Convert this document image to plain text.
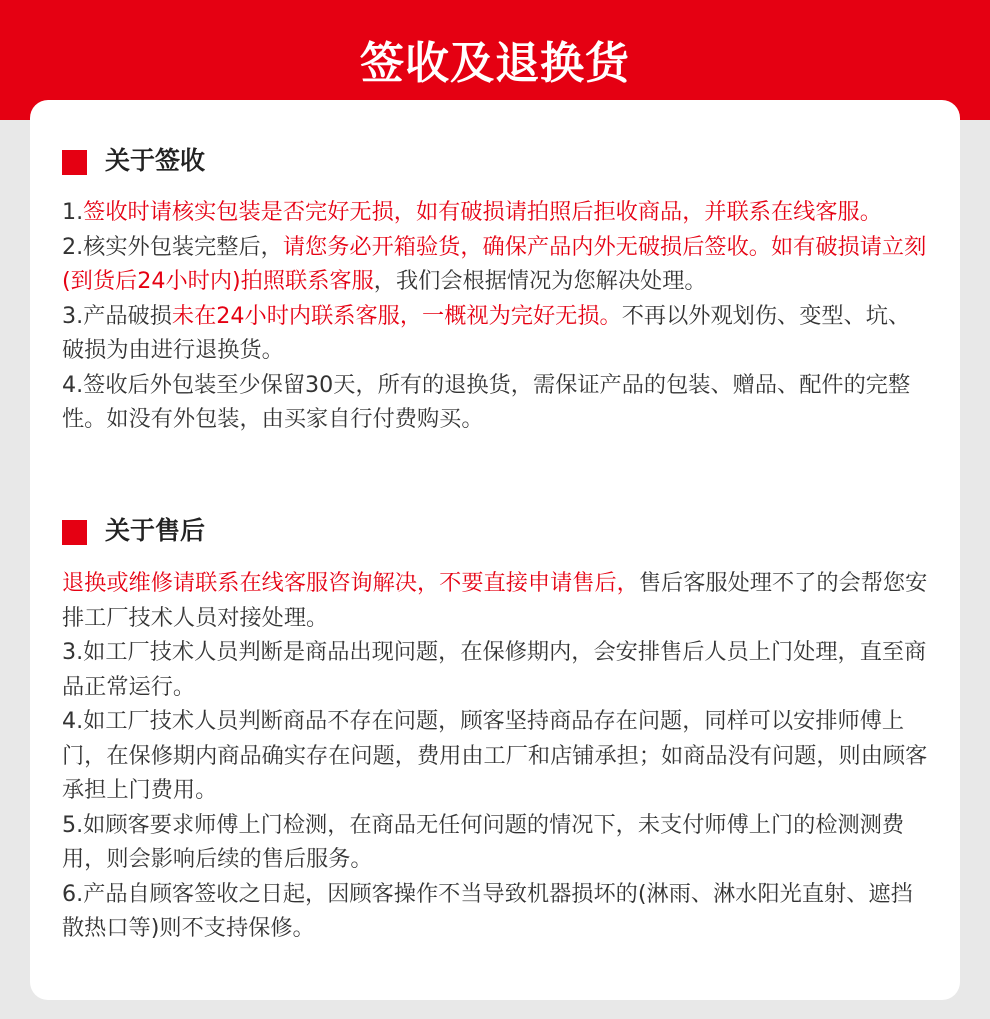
签收及退换货
关于签收

1.签收时请核实包装是否完好无损，如有破损请拍照后拒收商品，并联系在线客服。

2.核实外包装完整后，请您务必开箱验货，确保产品内外无破损后签收。如有破损请立刻(到货后24小时内)拍照联系客服，我们会根据情况为您解决处理。

3.产品破损未在24小时内联系客服，一概视为完好无损。不再以外观划伤、变型、坑、破损为由进行退换货。

4.签收后外包装至少保留30天，所有的退换货，需保证产品的包装、赠品、配件的完整性。如没有外包装，由买家自行付费购买。

关于售后

退换或维修请联系在线客服咨询解决，不要直接申请售后，售后客服处理不了的会帮您安排工厂技术人员对接处理。

3.如工厂技术人员判断是商品出现问题，在保修期内，会安排售后人员上门处理，直至商品正常运行。

4.如工厂技术人员判断商品不存在问题，顾客坚持商品存在问题，同样可以安排师傅上门，在保修期内商品确实存在问题，费用由工厂和店铺承担；如商品没有问题，则由顾客承担上门费用。

5.如顾客要求师傅上门检测，在商品无任何问题的情况下，未支付师傅上门的检测测费用，则会影响后续的售后服务。

6.产品自顾客签收之日起，因顾客操作不当导致机器损坏的(淋雨、淋水阳光直射、遮挡散热口等)则不支持保修。
